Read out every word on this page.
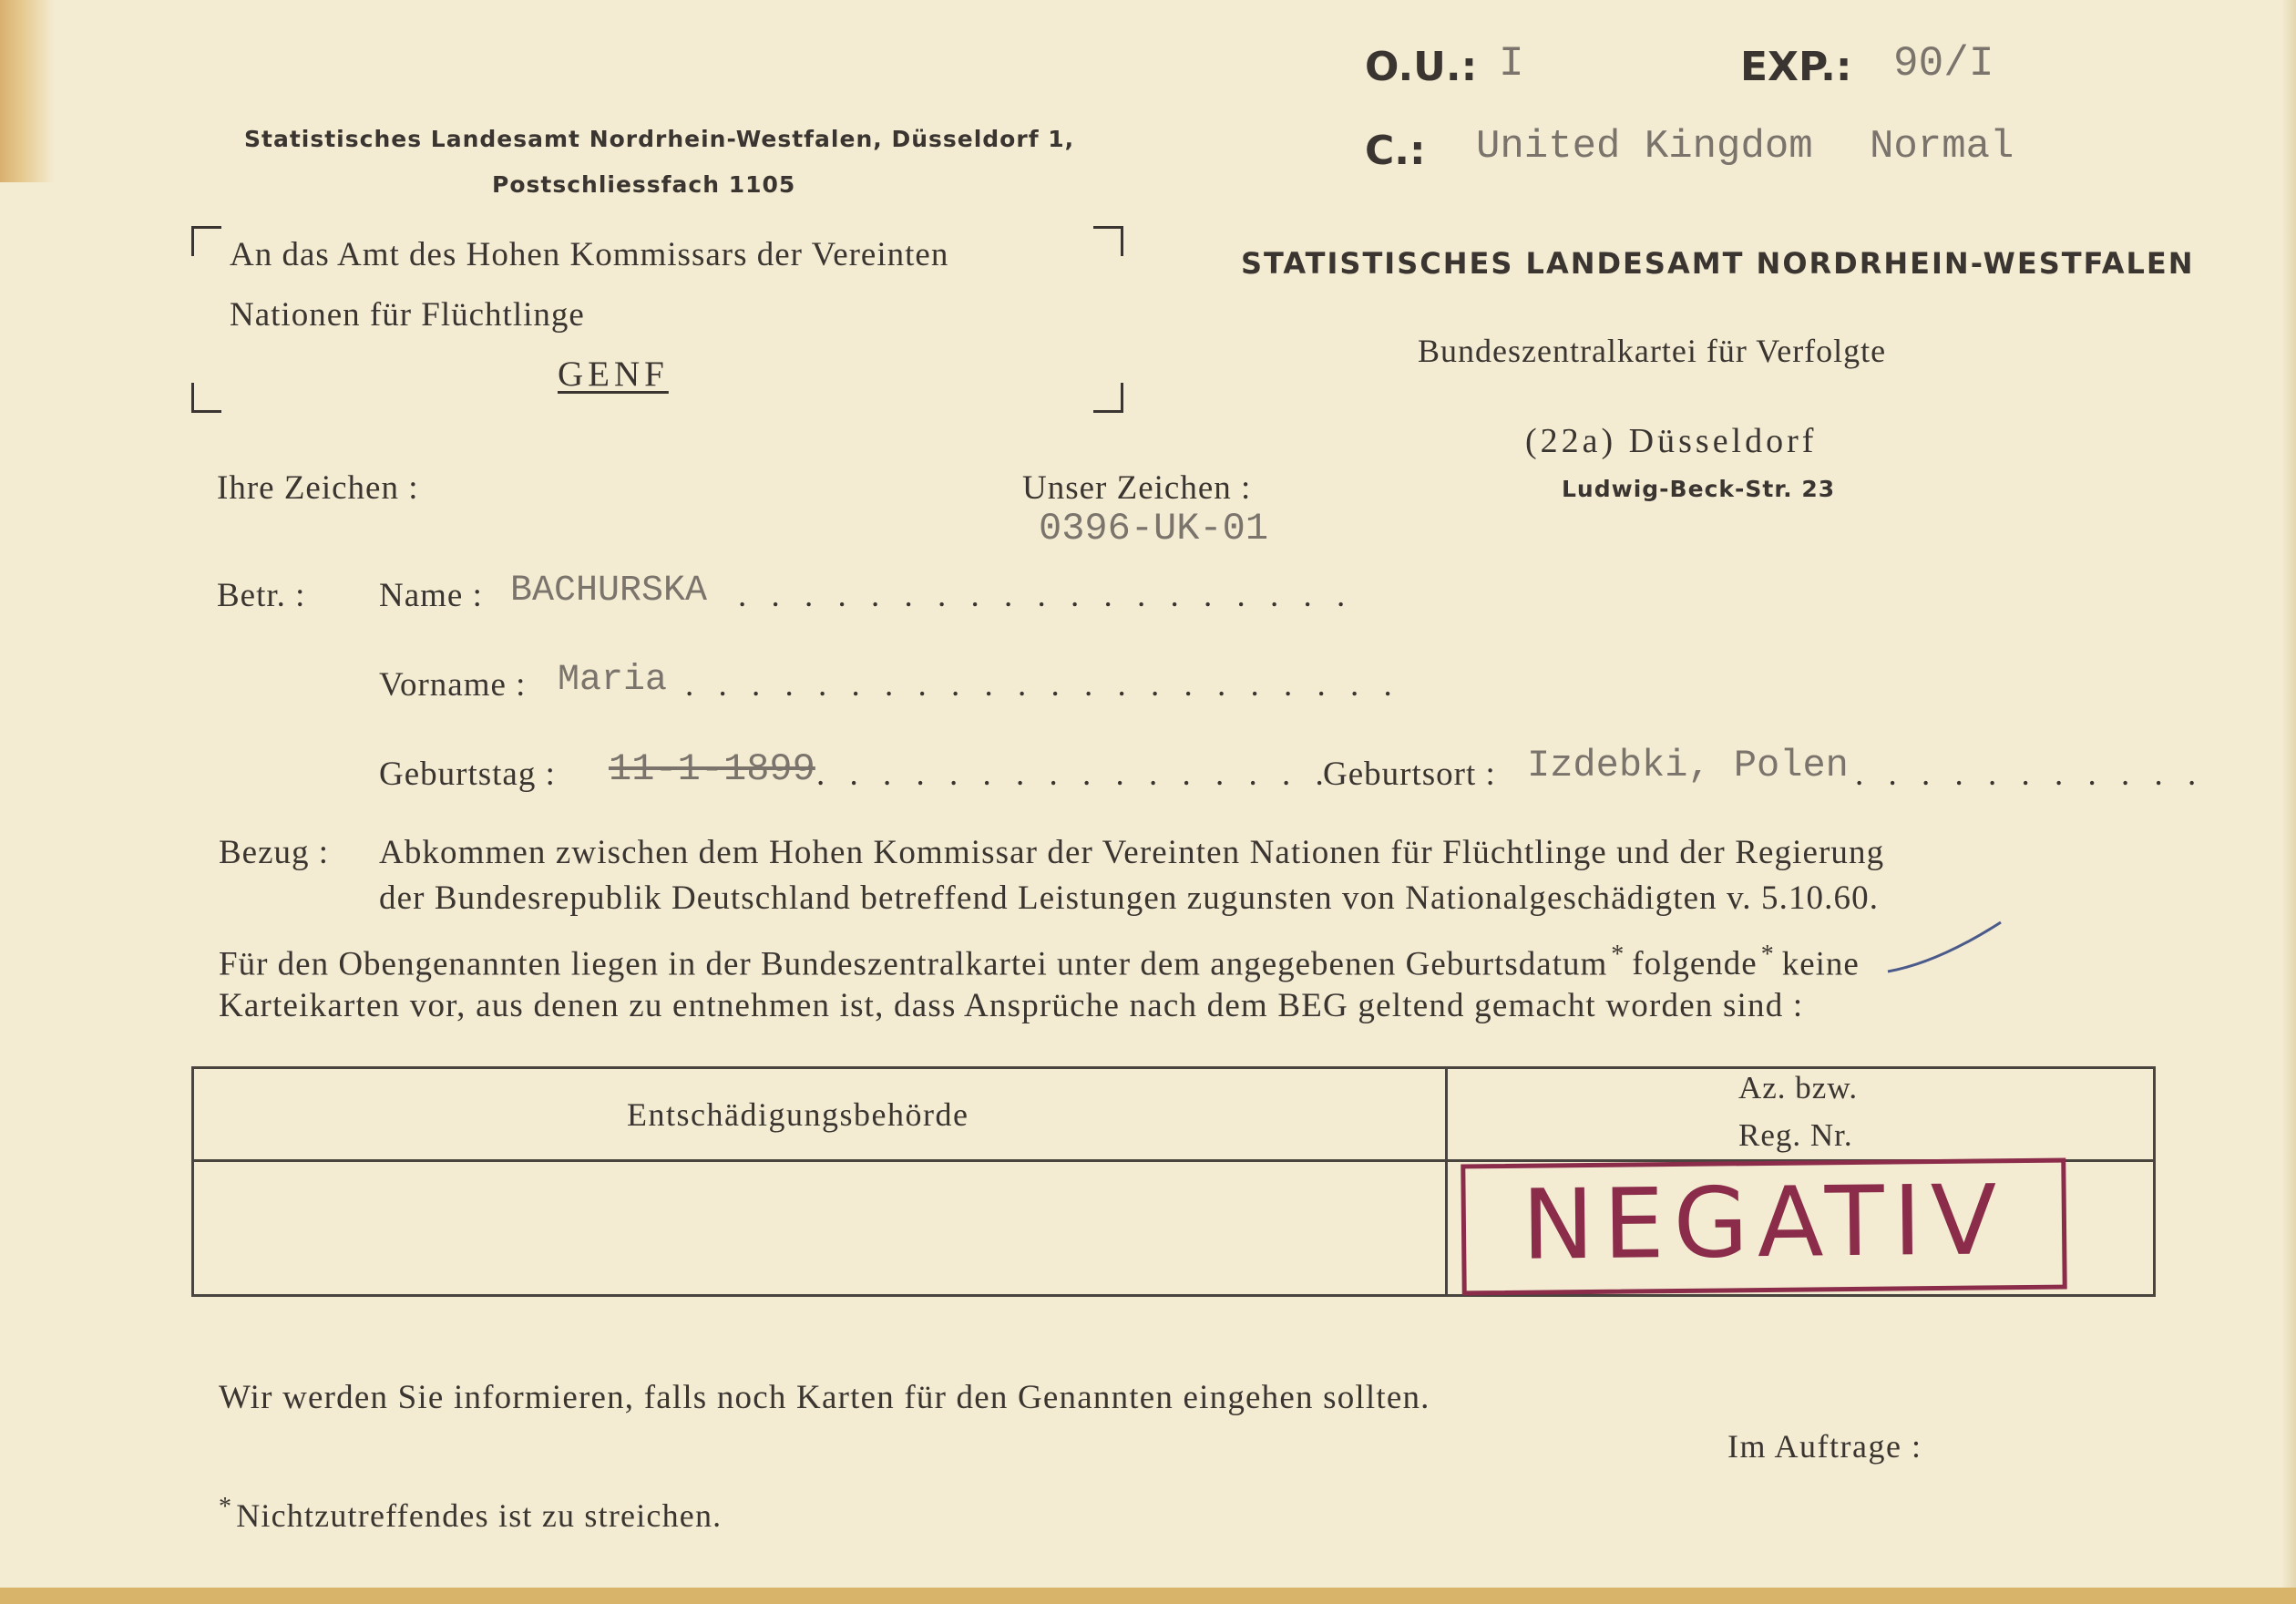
O.U.: I	EXP.: 90/I
C.: United Kingdom Normal
Statistisches Landesamt Nordrhein-Westfalen, Düsseldorf 1,
Postschliessfach 1105
An das Amt des Hohen Kommissars der Vereinten
Nationen für Flüchtlinge
GENF
STATISTISCHES LANDESAMT NORDRHEIN-WESTFALEN
Bundeszentralkartei für Verfolgte
(22a) Düsseldorf
Ludwig-Beck-Str. 23
Ihre Zeichen :	Unser Zeichen :
0396-UK-01
Betr. : Name : BACHURSKA . . . . . . . . . . . . . . . . . . .
Vorname : Maria . . . . . . . . . . . . . . . . . . . . . .
Geburtstag : 11-1-1899 . . . . . . . . . . . . . . . .
Geburtsort : Izdebki, Polen . . . . . . . . . . .
Bezug : Abkommen zwischen dem Hohen Kommissar der Vereinten Nationen für Flüchtlinge und der Regierung
der Bundesrepublik Deutschland betreffend Leistungen zugunsten von Nationalgeschädigten v. 5.10.60.
Für den Obengenannten liegen in der Bundeszentralkartei unter dem angegebenen Geburtsdatum * folgende * keine
Karteikarten vor, aus denen zu entnehmen ist, dass Ansprüche nach dem BEG geltend gemacht worden sind :
Entschädigungsbehörde
Az. bzw.
Reg. Nr.
NEGATIV
Wir werden Sie informieren, falls noch Karten für den Genannten eingehen sollten.
Im Auftrage :
* Nichtzutreffendes ist zu streichen.
